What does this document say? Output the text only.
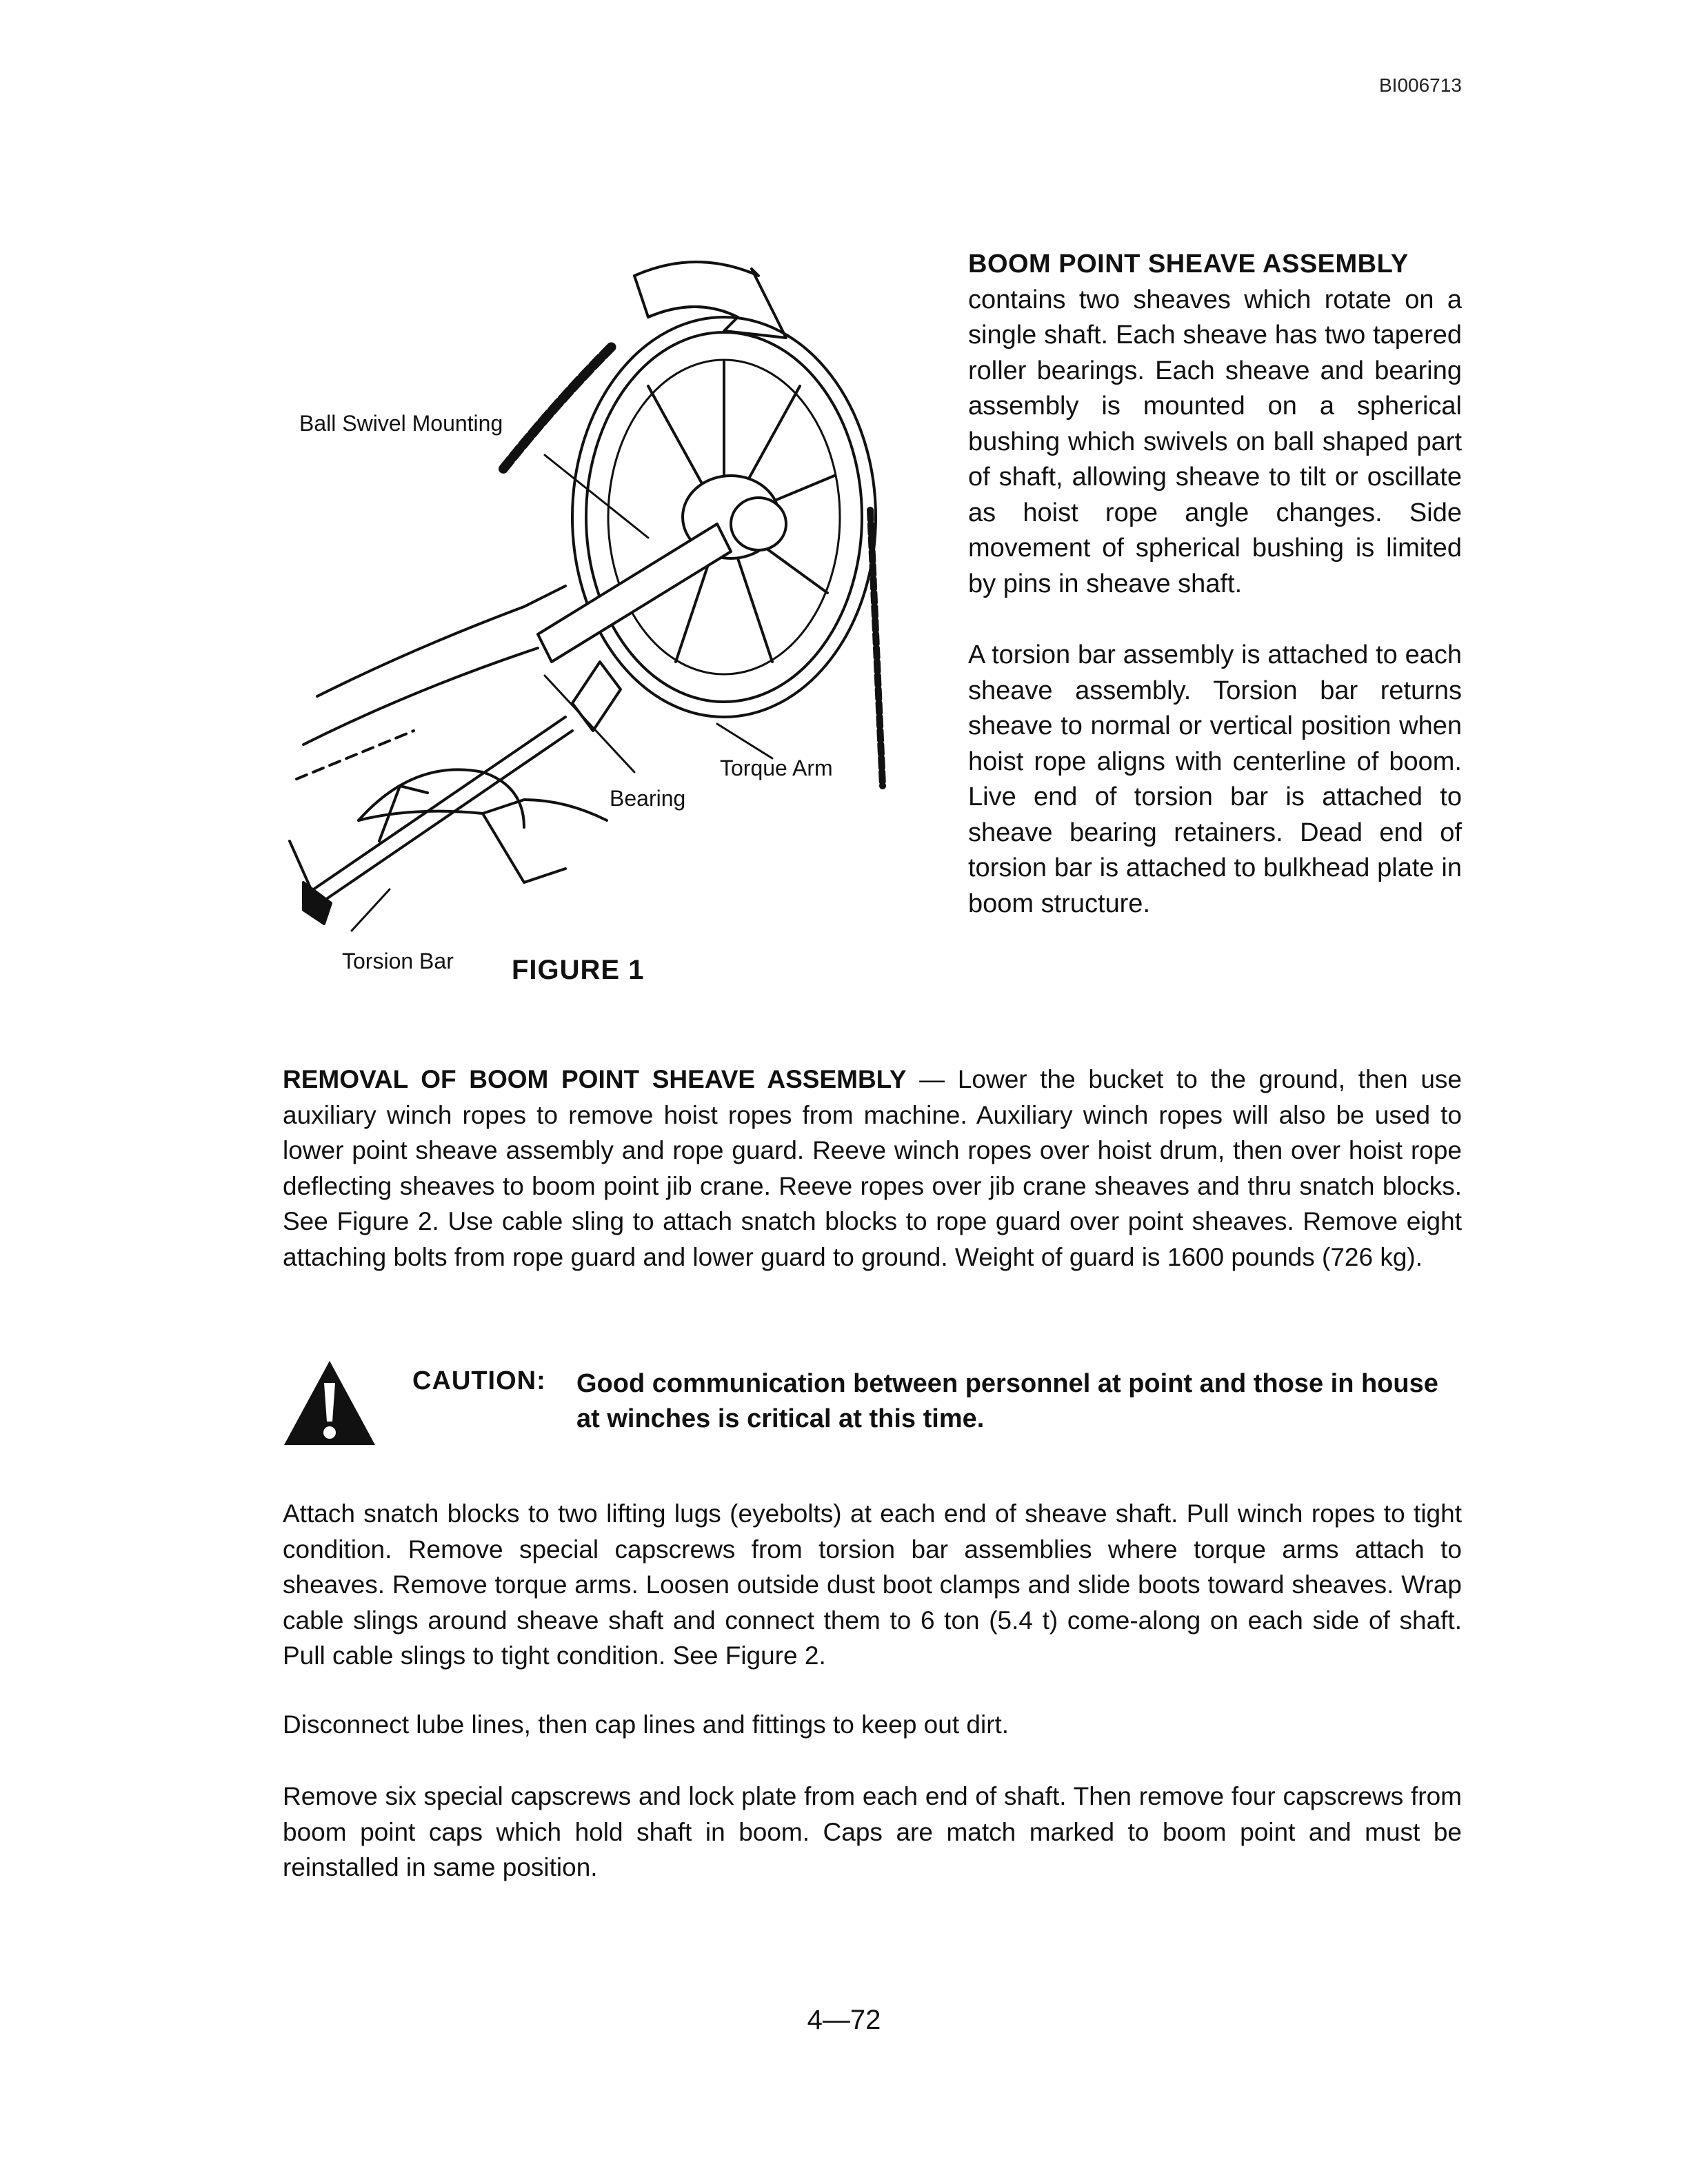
BI006713
Ball Swivel Mounting
Torque Arm
Bearing
Torsion Bar FIGURE 1

BOOM POINT SHEAVE ASSEMBLY
contains two sheaves which rotate on a single shaft. Each sheave has two tapered roller bearings. Each sheave and bearing assembly is mounted on a spherical bushing which swivels on ball shaped part of shaft, allowing sheave to tilt or oscillate as hoist rope angle changes. Side movement of spherical bushing is limited by pins in sheave shaft.

A torsion bar assembly is attached to each sheave assembly. Torsion bar returns sheave to normal or vertical position when hoist rope aligns with centerline of boom. Live end of torsion bar is attached to sheave bearing retainers. Dead end of torsion bar is attached to bulkhead plate in boom structure.

REMOVAL OF BOOM POINT SHEAVE ASSEMBLY — Lower the bucket to the ground, then use auxiliary winch ropes to remove hoist ropes from machine. Auxiliary winch ropes will also be used to lower point sheave assembly and rope guard. Reeve winch ropes over hoist drum, then over hoist rope deflecting sheaves to boom point jib crane. Reeve ropes over jib crane sheaves and thru snatch blocks. See Figure 2. Use cable sling to attach snatch blocks to rope guard over point sheaves. Remove eight attaching bolts from rope guard and lower guard to ground. Weight of guard is 1600 pounds (726 kg).

CAUTION: Good communication between personnel at point and those in house at winches is critical at this time.

Attach snatch blocks to two lifting lugs (eyebolts) at each end of sheave shaft. Pull winch ropes to tight condition. Remove special capscrews from torsion bar assemblies where torque arms attach to sheaves. Remove torque arms. Loosen outside dust boot clamps and slide boots toward sheaves. Wrap cable slings around sheave shaft and connect them to 6 ton (5.4 t) come-along on each side of shaft. Pull cable slings to tight condition. See Figure 2.

Disconnect lube lines, then cap lines and fittings to keep out dirt.

Remove six special capscrews and lock plate from each end of shaft. Then remove four capscrews from boom point caps which hold shaft in boom. Caps are match marked to boom point and must be reinstalled in same position.

4—72
